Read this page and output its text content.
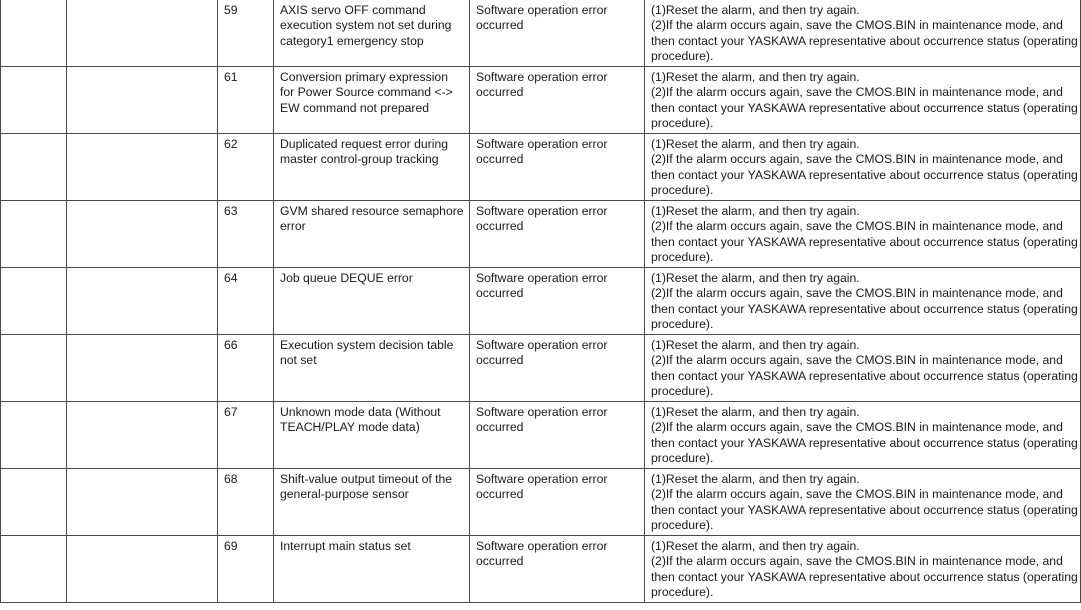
		59	AXIS servo OFF command
execution system not set during
category1 emergency stop	Software operation error
occurred	(1)Reset the alarm, and then try again.
(2)If the alarm occurs again, save the CMOS.BIN in maintenance mode, and
then contact your YASKAWA representative about occurrence status (operating
procedure).

		61	Conversion primary expression
for Power Source command <->
EW command not prepared	Software operation error
occurred	(1)Reset the alarm, and then try again.
(2)If the alarm occurs again, save the CMOS.BIN in maintenance mode, and
then contact your YASKAWA representative about occurrence status (operating
procedure).

		62	Duplicated request error during
master control-group tracking	Software operation error
occurred	(1)Reset the alarm, and then try again.
(2)If the alarm occurs again, save the CMOS.BIN in maintenance mode, and
then contact your YASKAWA representative about occurrence status (operating
procedure).

		63	GVM shared resource semaphore
error	Software operation error
occurred	(1)Reset the alarm, and then try again.
(2)If the alarm occurs again, save the CMOS.BIN in maintenance mode, and
then contact your YASKAWA representative about occurrence status (operating
procedure).

		64	Job queue DEQUE error	Software operation error
occurred	(1)Reset the alarm, and then try again.
(2)If the alarm occurs again, save the CMOS.BIN in maintenance mode, and
then contact your YASKAWA representative about occurrence status (operating
procedure).

		66	Execution system decision table
not set	Software operation error
occurred	(1)Reset the alarm, and then try again.
(2)If the alarm occurs again, save the CMOS.BIN in maintenance mode, and
then contact your YASKAWA representative about occurrence status (operating
procedure).

		67	Unknown mode data (Without
TEACH/PLAY mode data)	Software operation error
occurred	(1)Reset the alarm, and then try again.
(2)If the alarm occurs again, save the CMOS.BIN in maintenance mode, and
then contact your YASKAWA representative about occurrence status (operating
procedure).

		68	Shift-value output timeout of the
general-purpose sensor	Software operation error
occurred	(1)Reset the alarm, and then try again.
(2)If the alarm occurs again, save the CMOS.BIN in maintenance mode, and
then contact your YASKAWA representative about occurrence status (operating
procedure).

		69	Interrupt main status set	Software operation error
occurred	(1)Reset the alarm, and then try again.
(2)If the alarm occurs again, save the CMOS.BIN in maintenance mode, and
then contact your YASKAWA representative about occurrence status (operating
procedure).
